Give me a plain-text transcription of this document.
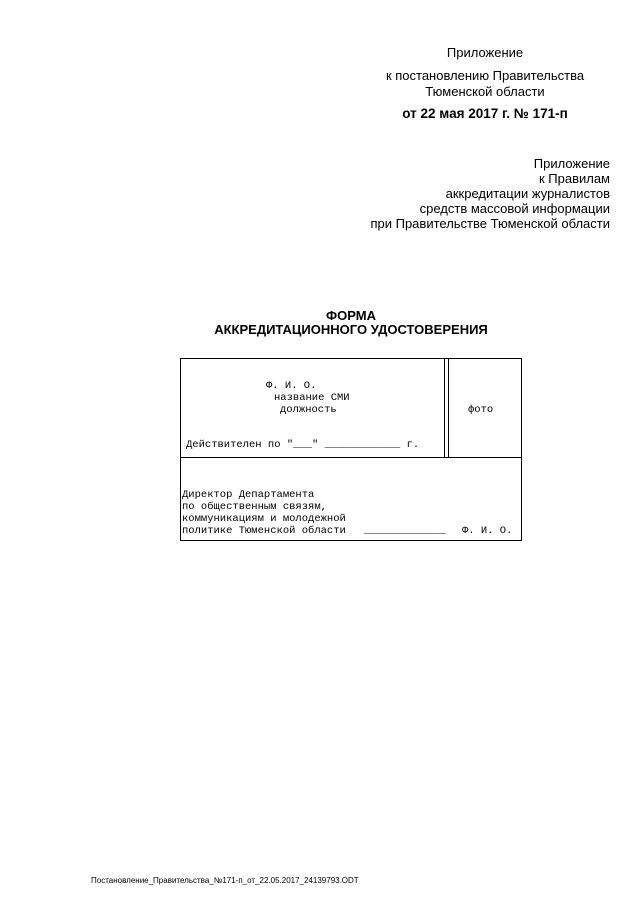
Приложение
к постановлению Правительства
Тюменской области
от 22 мая 2017 г. № 171-п
Приложение
к Правилам
аккредитации журналистов
средств массовой информации
при Правительстве Тюменской области
ФОРМА
АККРЕДИТАЦИОННОГО УДОСТОВЕРЕНИЯ
Ф. И. О.
название СМИ
должность	фото
Действителен по "___" ____________ г.
Директор Департамента
по общественным связям,
коммуникациям и молодежной
политике Тюменской области _____________ Ф. И. О.
Постановление_Правительства_№171-п_от_22.05.2017_24139793.ODT
